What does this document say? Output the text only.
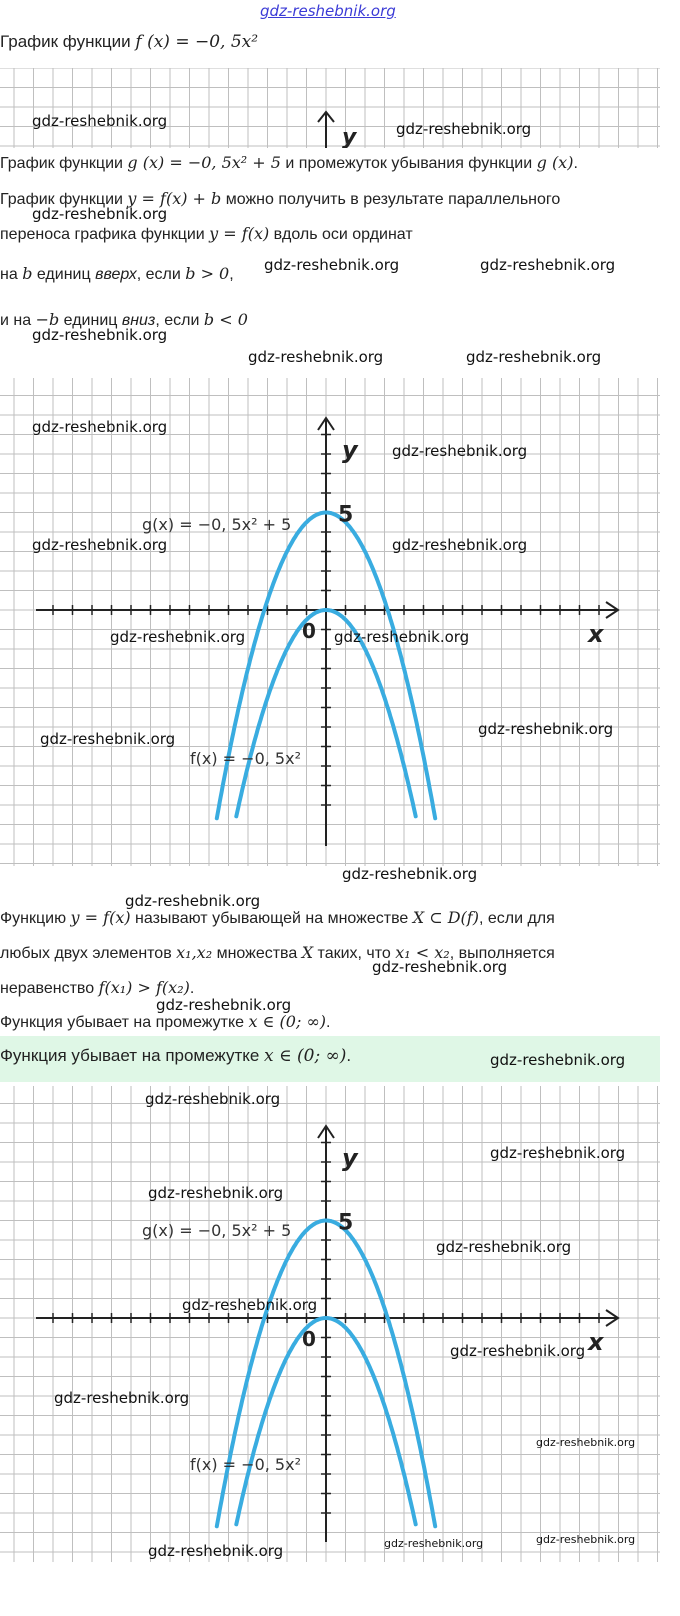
gdz-reshebnik.org
График функции f (x) = −0, 5x²
y
График функции g (x) = −0, 5x² + 5 и промежуток убывания функции g (x).
График функции y = f(x) + b можно получить в результате параллельного
переноса графика функции y = f(x) вдоль оси ординат
на b единиц вверх, если b > 0,
и на −b единиц вниз, если b < 0
5
0	x
y
g(x) = −0, 5x² + 5
f(x) = −0, 5x²
Функцию y = f(x) называют убывающей на множестве X ⊂ D(f), если для
любых двух элементов x₁,x₂ множества X таких, что x₁ < x₂, выполняется
неравенство f(x₁) > f(x₂).
Функция убывает на промежутке x ∈ (0; ∞).
Функция убывает на промежутке x ∈ (0; ∞).
5
0	x
y
g(x) = −0, 5x² + 5
f(x) = −0, 5x²
gdz-reshebnik.org	gdz-reshebnik.org
gdz-reshebnik.org
gdz-reshebnik.org	gdz-reshebnik.org
gdz-reshebnik.org
gdz-reshebnik.org	gdz-reshebnik.org
gdz-reshebnik.org
gdz-reshebnik.org
gdz-reshebnik.org	gdz-reshebnik.org
gdz-reshebnik.org	gdz-reshebnik.org
gdz-reshebnik.org
gdz-reshebnik.org
gdz-reshebnik.org
gdz-reshebnik.org
gdz-reshebnik.org
gdz-reshebnik.org
gdz-reshebnik.org
gdz-reshebnik.org
gdz-reshebnik.org
gdz-reshebnik.org
gdz-reshebnik.org
gdz-reshebnik.org
gdz-reshebnik.org
gdz-reshebnik.org
gdz-reshebnik.org
gdz-reshebnik.org	gdz-reshebnik.org	gdz-reshebnik.org
